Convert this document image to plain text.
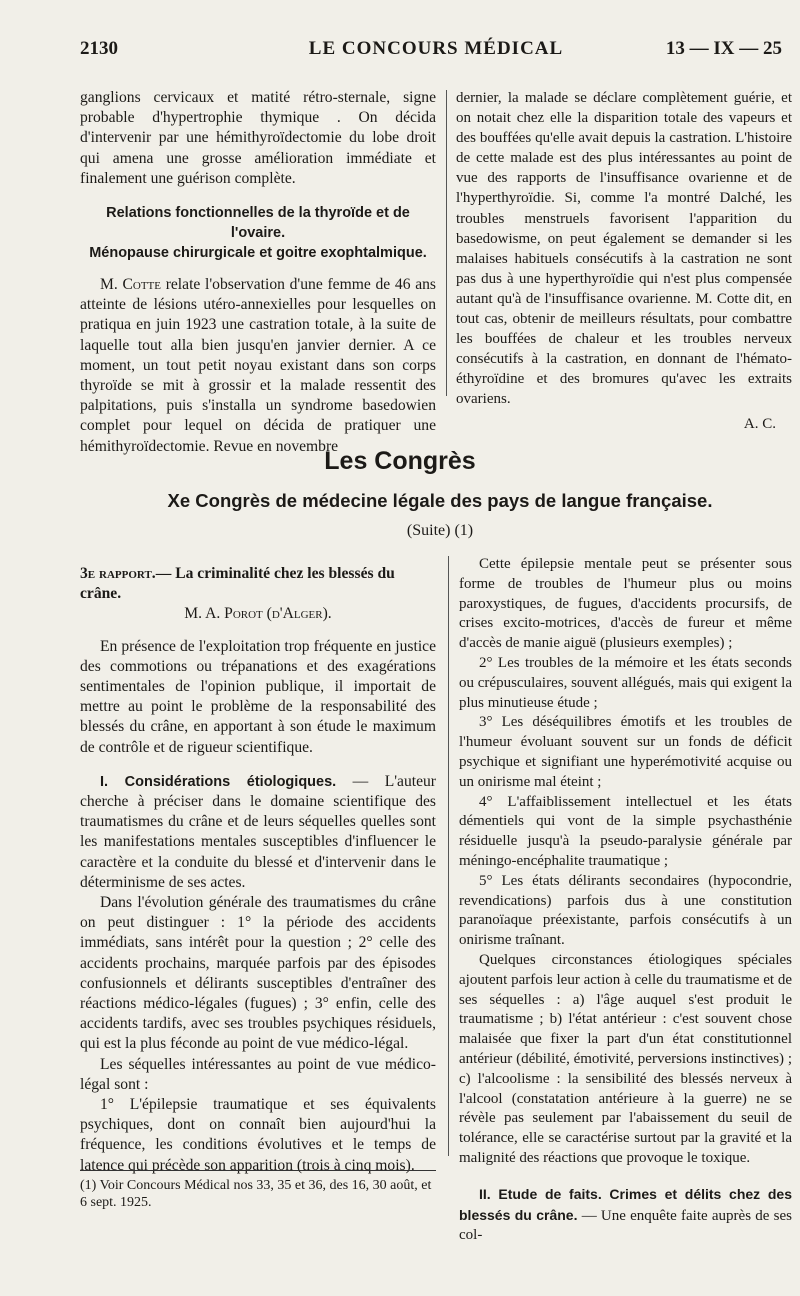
2130	LE CONCOURS MÉDICAL	13 — IX — 25

ganglions cervicaux et matité rétro-sternale, signe probable d'hypertrophie thymique . On décida d'intervenir par une hémithyroïdectomie du lobe droit qui amena une grosse amélioration immédiate et finalement une guérison complète.

Relations fonctionnelles de la thyroïde et de l'ovaire.
Ménopause chirurgicale et goitre exophtalmique.

M. Cotte relate l'observation d'une femme de 46 ans atteinte de lésions utéro-annexielles pour lesquelles on pratiqua en juin 1923 une castration totale, à la suite de laquelle tout alla bien jusqu'en janvier dernier. A ce moment, un tout petit noyau existant dans son corps thyroïde se mit à grossir et la malade ressentit des palpitations, puis s'installa un syndrome basedowien complet pour lequel on décida de pratiquer une hémithyroïdectomie. Revue en novembre

dernier, la malade se déclare complètement guérie, et on notait chez elle la disparition totale des vapeurs et des bouffées qu'elle avait depuis la castration. L'histoire de cette malade est des plus intéressantes au point de vue des rapports de l'insuffisance ovarienne et de l'hyperthyroïdie. Si, comme l'a montré Dalché, les troubles menstruels favorisent l'apparition du basedowisme, on peut également se demander si les malaises habituels consécutifs à la castration ne sont pas dus à une hyperthyroïdie qui n'est plus compensée autant qu'à de l'insuffisance ovarienne. M. Cotte dit, en tout cas, obtenir de meilleurs résultats, pour combattre les bouffées de chaleur et les troubles nerveux consécutifs à la castration, en donnant de l'hémato-éthyroïdine et des bromures qu'avec les extraits ovariens.

A. C.
Les Congrès
Xe Congrès de médecine légale des pays de langue française.
(Suite) (1)

3e rapport.— La criminalité chez les blessés du crâne.

M. A. Porot (d'Alger).

En présence de l'exploitation trop fréquente en justice des commotions ou trépanations et des exagérations sentimentales de l'opinion publique, il importait de mettre au point le problème de la responsabilité des blessés du crâne, en apportant à son étude le maximum de contrôle et de rigueur scientifique.

I. Considérations étiologiques. — L'auteur cherche à préciser dans le domaine scientifique des traumatismes du crâne et de leurs séquelles quelles sont les manifestations mentales susceptibles d'influencer le caractère et la conduite du blessé et d'intervenir dans le déterminisme de ses actes.

Dans l'évolution générale des traumatismes du crâne on peut distinguer : 1° la période des accidents immédiats, sans intérêt pour la question ; 2° celle des accidents prochains, marquée parfois par des épisodes confusionnels et délirants susceptibles d'entraîner des réactions médico-légales (fugues) ; 3° enfin, celle des accidents tardifs, avec ses troubles psychiques résiduels, qui est la plus féconde au point de vue médico-légal.

Les séquelles intéressantes au point de vue médico-légal sont :

1° L'épilepsie traumatique et ses équivalents psychiques, dont on connaît bien aujourd'hui la fréquence, les conditions évolutives et le temps de latence qui précède son apparition (trois à cinq mois).

(1) Voir Concours Médical nos 33, 35 et 36, des 16, 30 août, et 6 sept. 1925.

Cette épilepsie mentale peut se présenter sous forme de troubles de l'humeur plus ou moins paroxystiques, de fugues, d'accidents procursifs, de crises excito-motrices, d'accès de fureur et même d'accès de manie aiguë (plusieurs exemples) ;

2° Les troubles de la mémoire et les états seconds ou crépusculaires, souvent allégués, mais qui exigent la plus minutieuse étude ;

3° Les déséquilibres émotifs et les troubles de l'humeur évoluant souvent sur un fonds de déficit psychique et signifiant une hyperémotivité acquise ou un onirisme mal éteint ;

4° L'affaiblissement intellectuel et les états démentiels qui vont de la simple psychasthénie résiduelle jusqu'à la pseudo-paralysie générale par méningo-encéphalite traumatique ;

5° Les états délirants secondaires (hypocondrie, revendications) parfois dus à une constitution paranoïaque préexistante, parfois consécutifs à un onirisme traînant.

Quelques circonstances étiologiques spéciales ajoutent parfois leur action à celle du traumatisme et de ses séquelles : a) l'âge auquel s'est produit le traumatisme ; b) l'état antérieur : c'est souvent chose malaisée que fixer la part d'un état constitutionnel antérieur (débilité, émotivité, perversions instinctives) ; c) l'alcoolisme : la sensibilité des blessés nerveux à l'alcool (constatation antérieure à la guerre) ne se révèle pas seulement par l'abaissement du seuil de tolérance, elle se caractérise surtout par la gravité et la malignité des réactions que provoque le toxique.

II. Etude de faits. Crimes et délits chez des blessés du crâne. — Une enquête faite auprès de ses col-
